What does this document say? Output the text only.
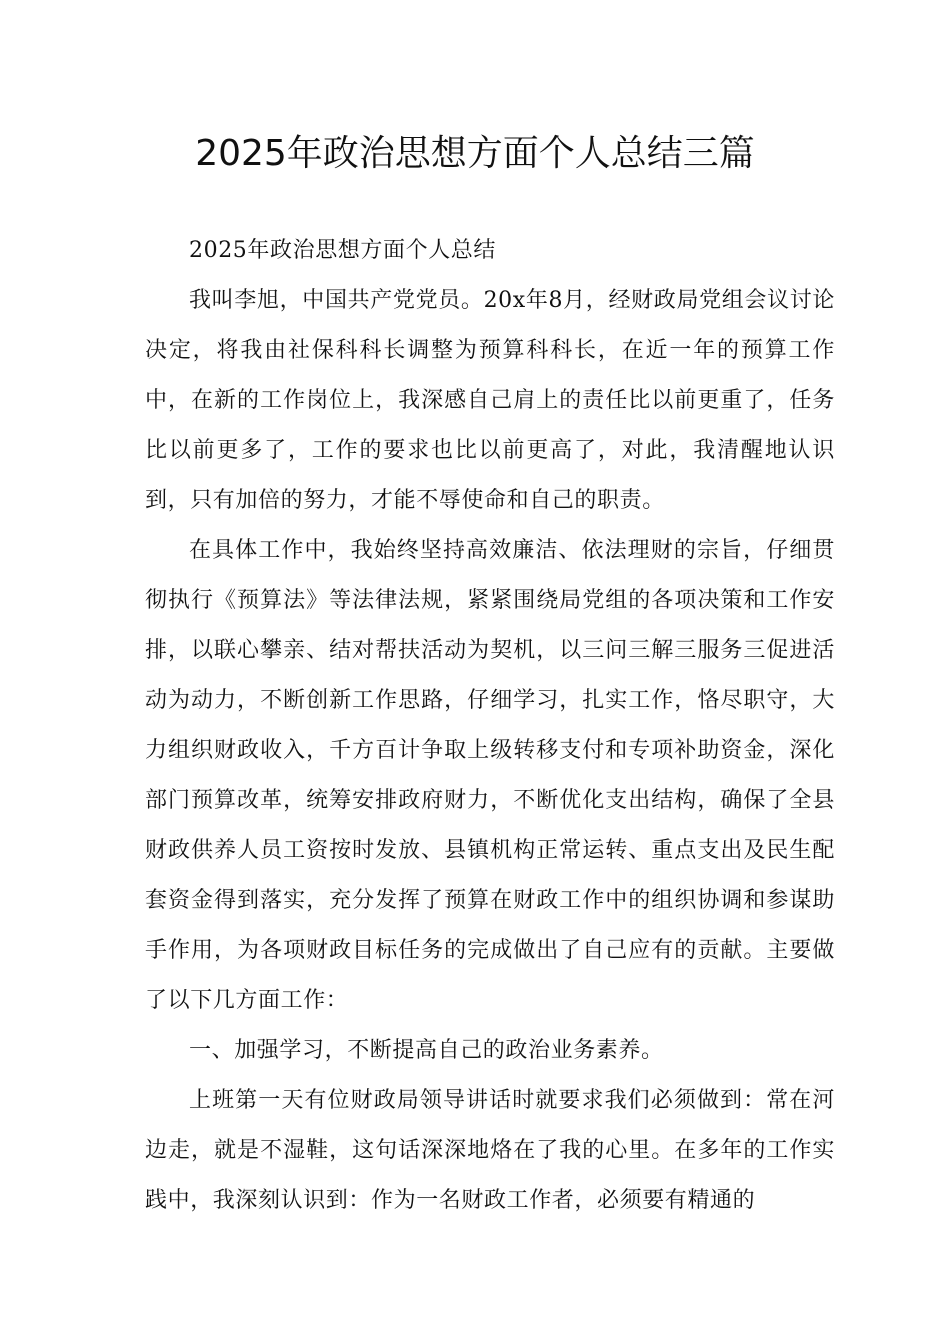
2025年政治思想方面个人总结三篇

2025年政治思想方面个人总结

我叫李旭，中国共产党党员。20x年8月，经财政局党组会议讨论决定，将我由社保科科长调整为预算科科长，在近一年的预算工作中，在新的工作岗位上，我深感自己肩上的责任比以前更重了，任务比以前更多了，工作的要求也比以前更高了，对此，我清醒地认识到，只有加倍的努力，才能不辱使命和自己的职责。

在具体工作中，我始终坚持高效廉洁、依法理财的宗旨，仔细贯彻执行《预算法》等法律法规，紧紧围绕局党组的各项决策和工作安排，以联心攀亲、结对帮扶活动为契机，以三问三解三服务三促进活动为动力，不断创新工作思路，仔细学习，扎实工作，恪尽职守，大力组织财政收入，千方百计争取上级转移支付和专项补助资金，深化部门预算改革，统筹安排政府财力，不断优化支出结构，确保了全县财政供养人员工资按时发放、县镇机构正常运转、重点支出及民生配套资金得到落实，充分发挥了预算在财政工作中的组织协调和参谋助手作用，为各项财政目标任务的完成做出了自己应有的贡献。主要做了以下几方面工作：

一、加强学习，不断提高自己的政治业务素养。

上班第一天有位财政局领导讲话时就要求我们必须做到：常在河边走，就是不湿鞋，这句话深深地烙在了我的心里。在多年的工作实践中，我深刻认识到：作为一名财政工作者，必须要有精通的
